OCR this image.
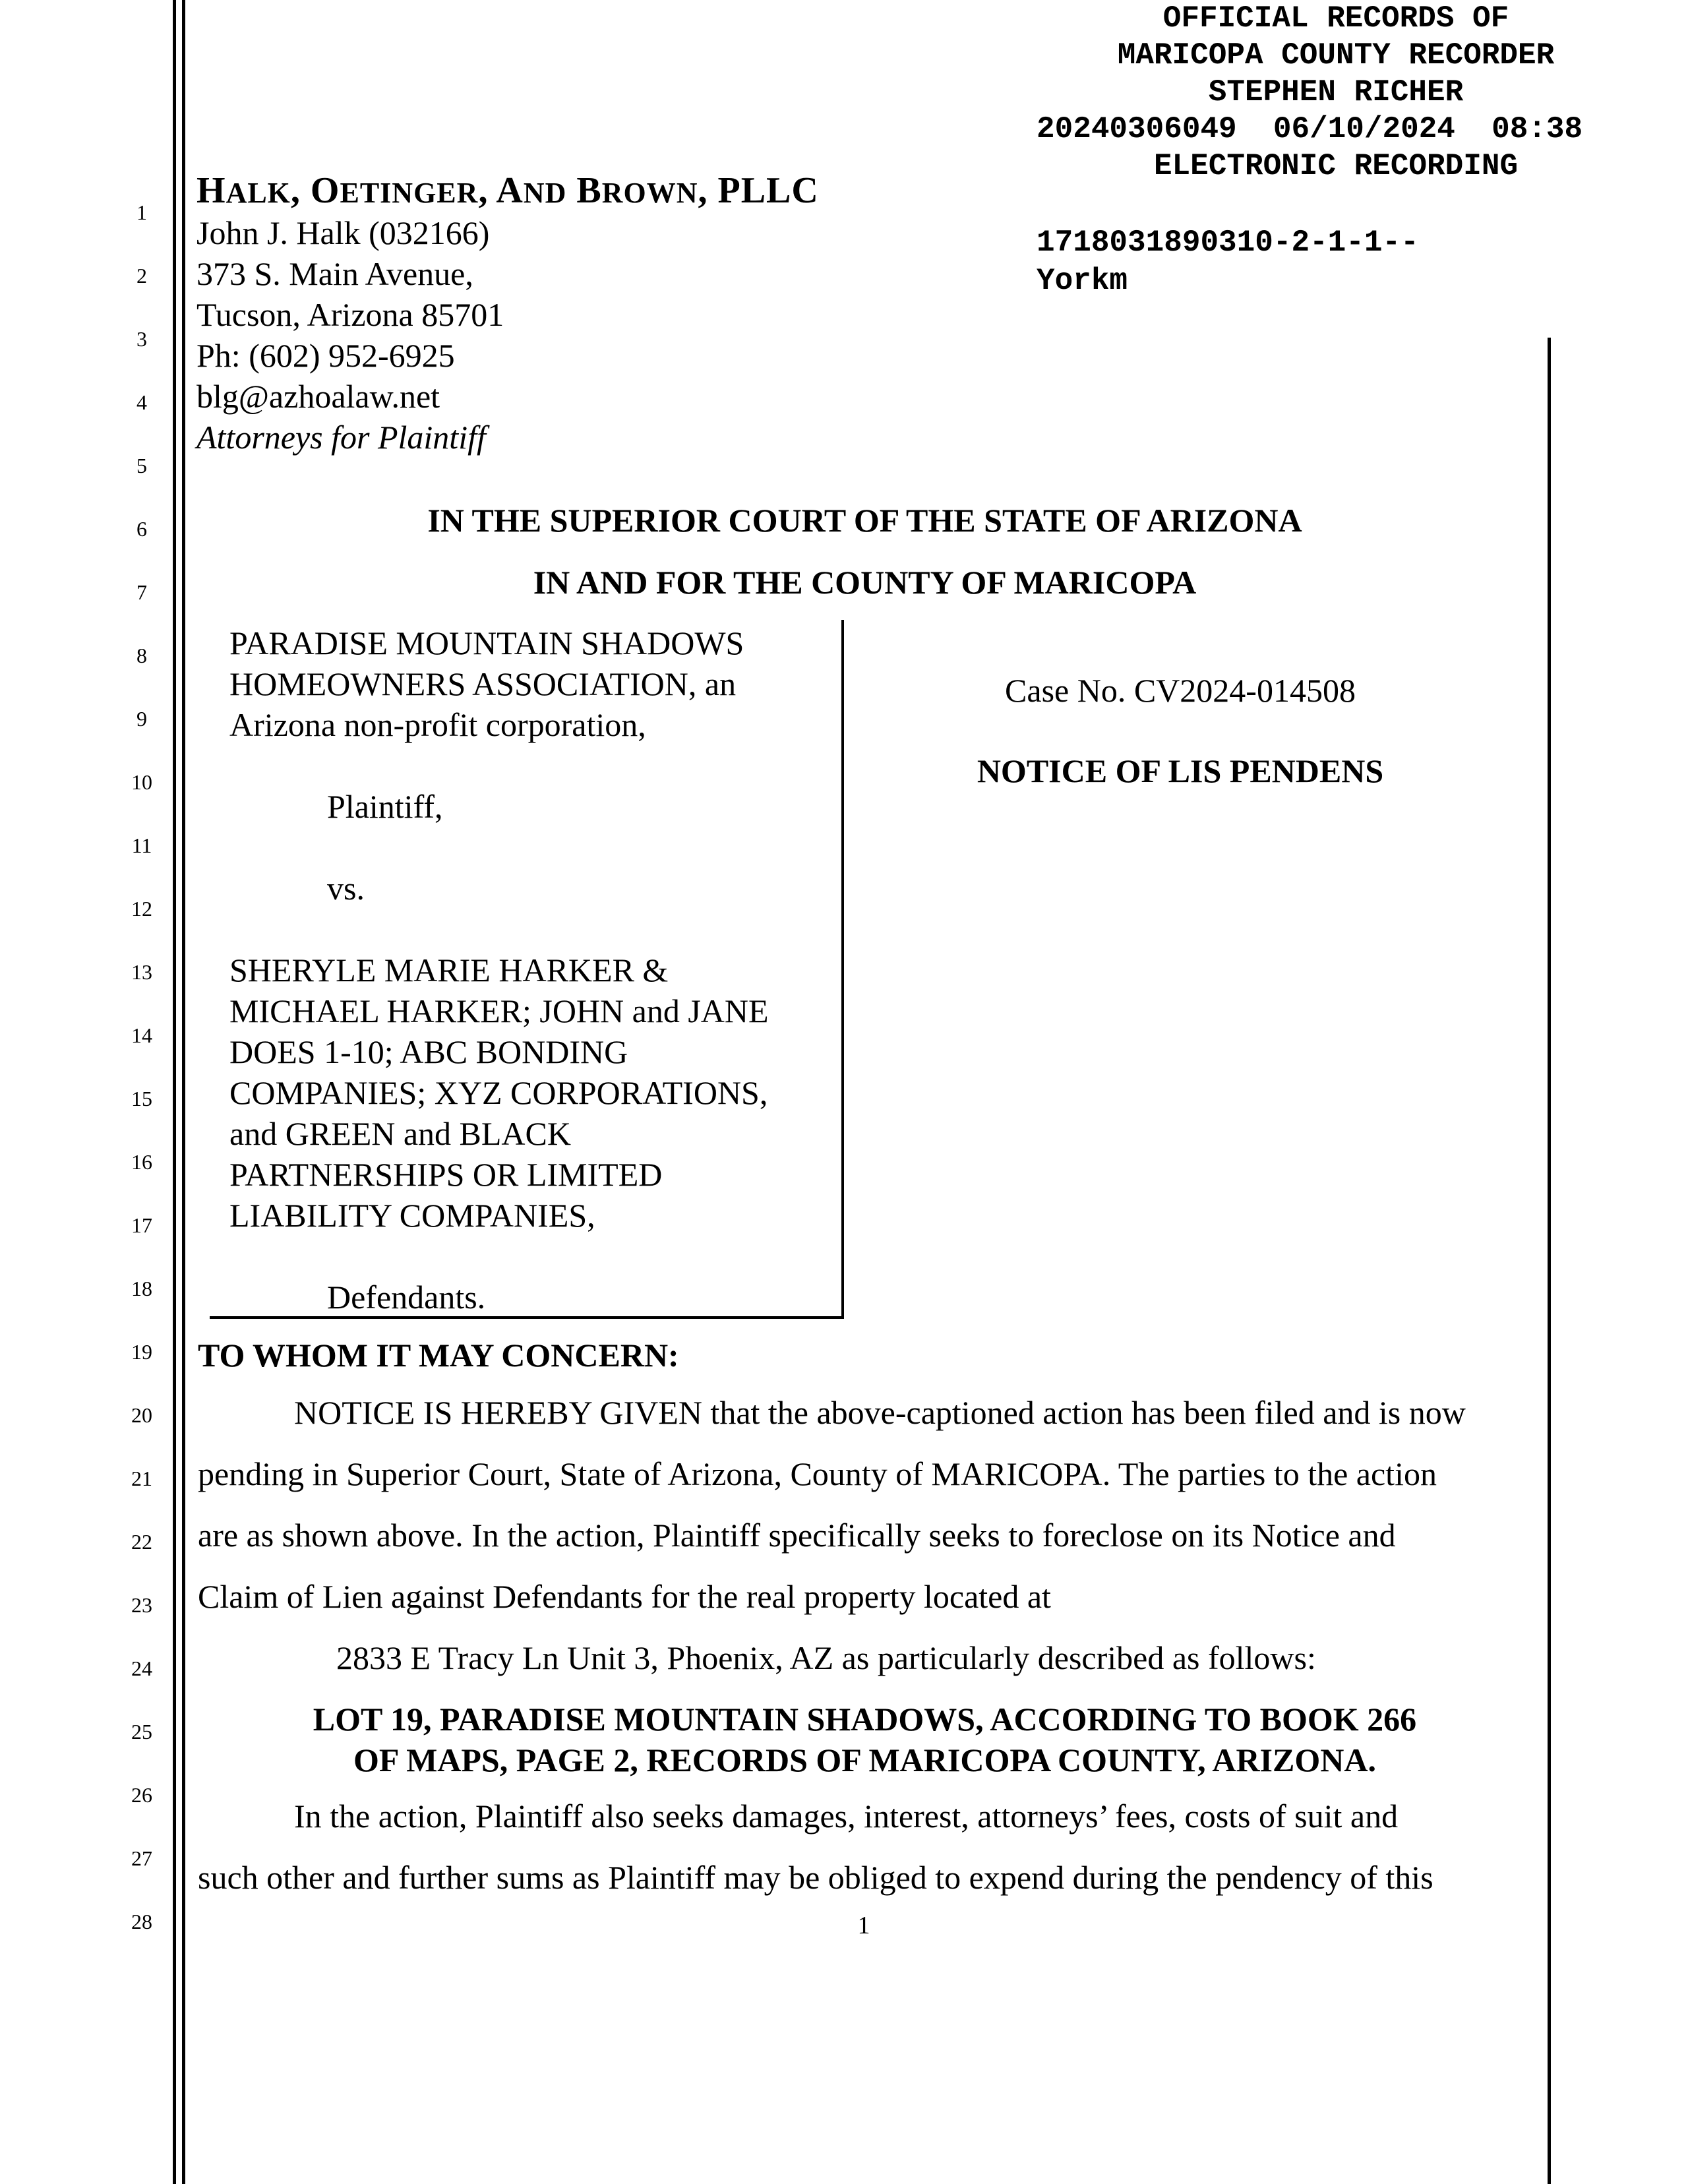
1
2
3
4
5
6
7
8
9
10
11
12
13
14
15
16
17
18
19
20
21
22
23
24
25
26
27
28
OFFICIAL RECORDS OF
MARICOPA COUNTY RECORDER
STEPHEN RICHER
20240306049  06/10/2024  08:38
ELECTRONIC RECORDING
1718031890310-2-1-1--
Yorkm
HALK, OETINGER, AND BROWN, PLLC
John J. Halk (032166)
373 S. Main Avenue,
Tucson, Arizona 85701
Ph: (602) 952-6925
blg@azhoalaw.net
Attorneys for Plaintiff
IN THE SUPERIOR COURT OF THE STATE OF ARIZONA
IN AND FOR THE COUNTY OF MARICOPA
PARADISE MOUNTAIN SHADOWS
HOMEOWNERS ASSOCIATION, an
Arizona non-profit corporation,
Plaintiff,
vs.
SHERYLE MARIE HARKER &
MICHAEL HARKER; JOHN and JANE
DOES 1-10; ABC BONDING
COMPANIES; XYZ CORPORATIONS,
and GREEN and BLACK
PARTNERSHIPS OR LIMITED
LIABILITY COMPANIES,
Defendants.
Case No. CV2024-014508
NOTICE OF LIS PENDENS
TO WHOM IT MAY CONCERN:
NOTICE IS HEREBY GIVEN that the above-captioned action has been filed and is now
pending in Superior Court, State of Arizona, County of MARICOPA. The parties to the action
are as shown above. In the action, Plaintiff specifically seeks to foreclose on its Notice and
Claim of Lien against Defendants for the real property located at
2833 E Tracy Ln Unit 3, Phoenix, AZ as particularly described as follows:
LOT 19, PARADISE MOUNTAIN SHADOWS, ACCORDING TO BOOK 266
OF MAPS, PAGE 2, RECORDS OF MARICOPA COUNTY, ARIZONA.
In the action, Plaintiff also seeks damages, interest, attorneys’ fees, costs of suit and
such other and further sums as Plaintiff may be obliged to expend during the pendency of this
1
